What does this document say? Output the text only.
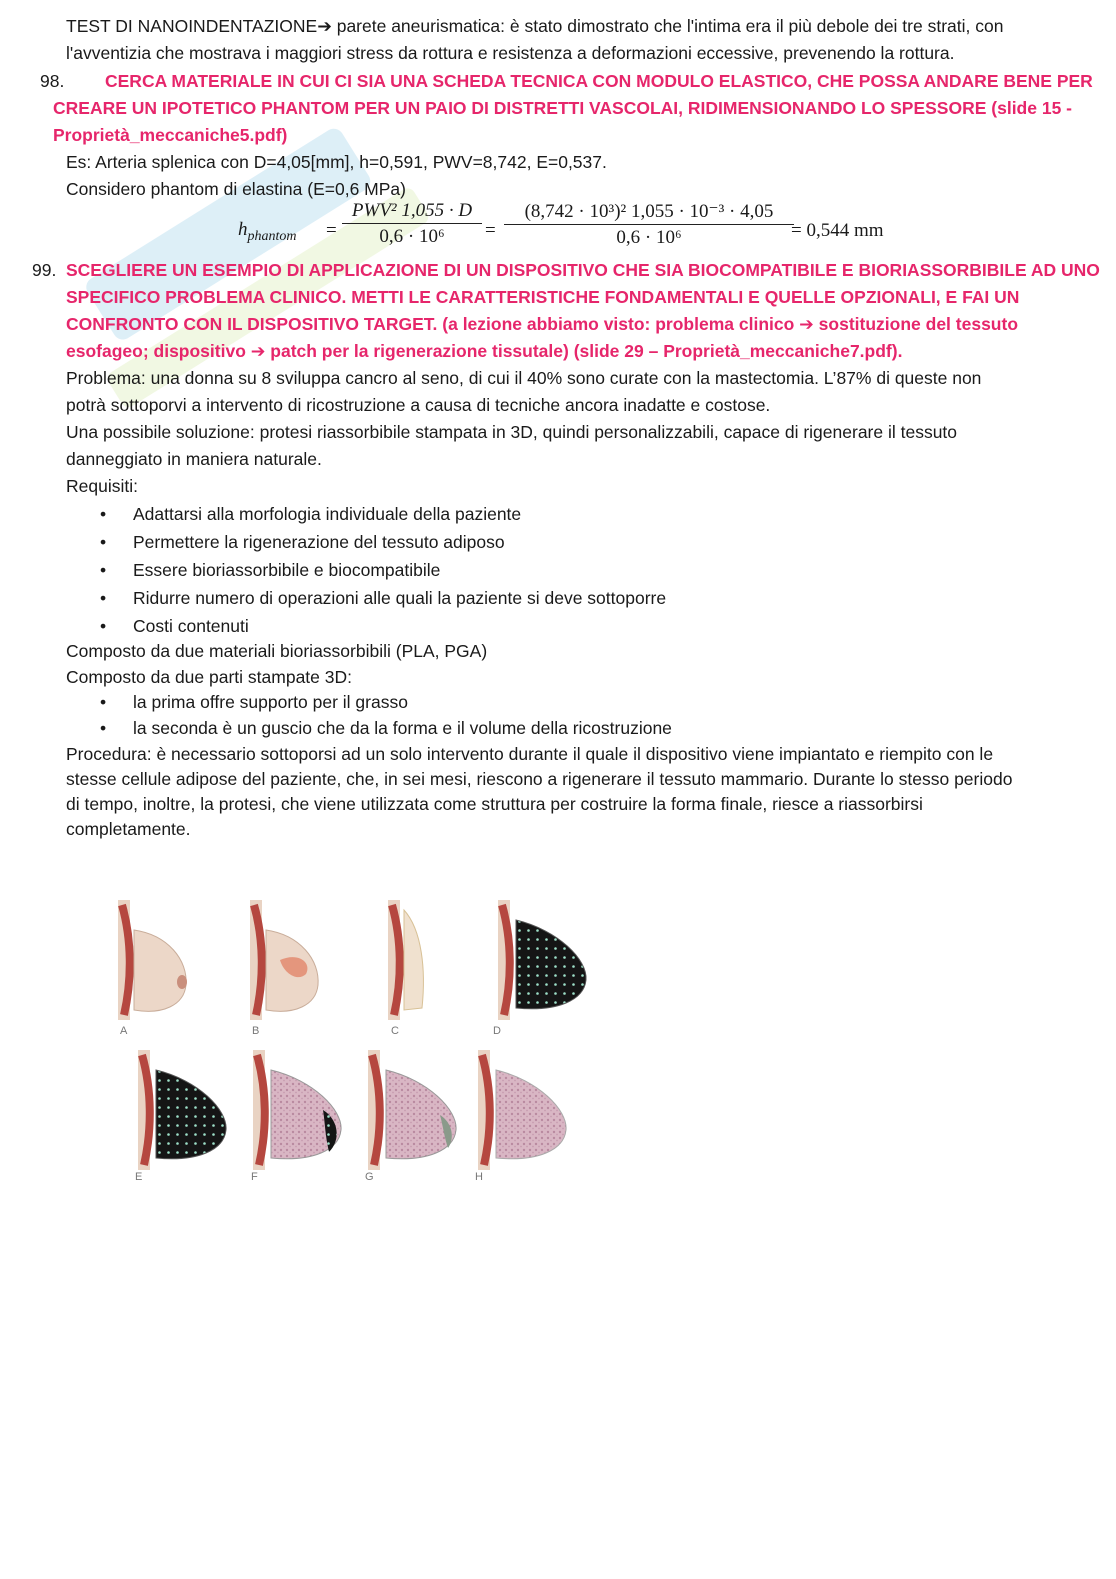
TEST DI NANOINDENTAZIONE➔ parete aneurismatica: è stato dimostrato che l'intima era il più debole dei tre strati, con
l'avventizia che mostrava i maggiori stress da rottura e resistenza a deformazioni eccessive, prevenendo la rottura.
98. CERCA MATERIALE IN CUI CI SIA UNA SCHEDA TECNICA CON MODULO ELASTICO, CHE POSSA ANDARE BENE PER
CREARE UN IPOTETICO PHANTOM PER UN PAIO DI DISTRETTI VASCOLAI, RIDIMENSIONANDO LO SPESSORE (slide 15 -
Proprietà_meccaniche5.pdf)
Es: Arteria splenica con D=4,05[mm], h=0,591, PWV=8,742, E=0,537.
Considero phantom di elastina (E=0,6 MPa)
$h_{phantom}$ =
PWV² 1,055 · D
0,6 · 10⁶	= $\frac{\text{(8,742 · 10³)² 1,055 · 10⁻³ · 4,05}}{\text{0,6 · 10⁶}}$
= 0,544 mm
99. SCEGLIERE UN ESEMPIO DI APPLICAZIONE DI UN DISPOSITIVO CHE SIA BIOCOMPATIBILE E BIORIASSORBIBILE AD UNO
SPECIFICO PROBLEMA CLINICO. METTI LE CARATTERISTICHE FONDAMENTALI E QUELLE OPZIONALI, E FAI UN
CONFRONTO CON IL DISPOSITIVO TARGET. (a lezione abbiamo visto: problema clinico ➔ sostituzione del tessuto
esofageo; dispositivo ➔ patch per la rigenerazione tissutale) (slide 29 – Proprietà_meccaniche7.pdf).
Problema: una donna su 8 sviluppa cancro al seno, di cui il 40% sono curate con la mastectomia. L’87% di queste non
potrà sottoporvi a intervento di ricostruzione a causa di tecniche ancora inadatte e costose.
Una possibile soluzione: protesi riassorbibile stampata in 3D, quindi personalizzabili, capace di rigenerare il tessuto
danneggiato in maniera naturale.
Requisiti:
• Adattarsi alla morfologia individuale della paziente
• Permettere la rigenerazione del tessuto adiposo
• Essere bioriassorbibile e biocompatibile
• Ridurre numero di operazioni alle quali la paziente si deve sottoporre
• Costi contenuti
Composto da due materiali bioriassorbibili (PLA, PGA)
Composto da due parti stampate 3D:
• la prima offre supporto per il grasso
• la seconda è un guscio che da la forma e il volume della ricostruzione
Procedura: è necessario sottoporsi ad un solo intervento durante il quale il dispositivo viene impiantato e riempito con le
stesse cellule adipose del paziente, che, in sei mesi, riescono a rigenerare il tessuto mammario. Durante lo stesso periodo
di tempo, inoltre, la protesi, che viene utilizzata come struttura per costruire la forma finale, riesce a riassorbirsi
completamente.
A	B	C	D
E	F	G	H
